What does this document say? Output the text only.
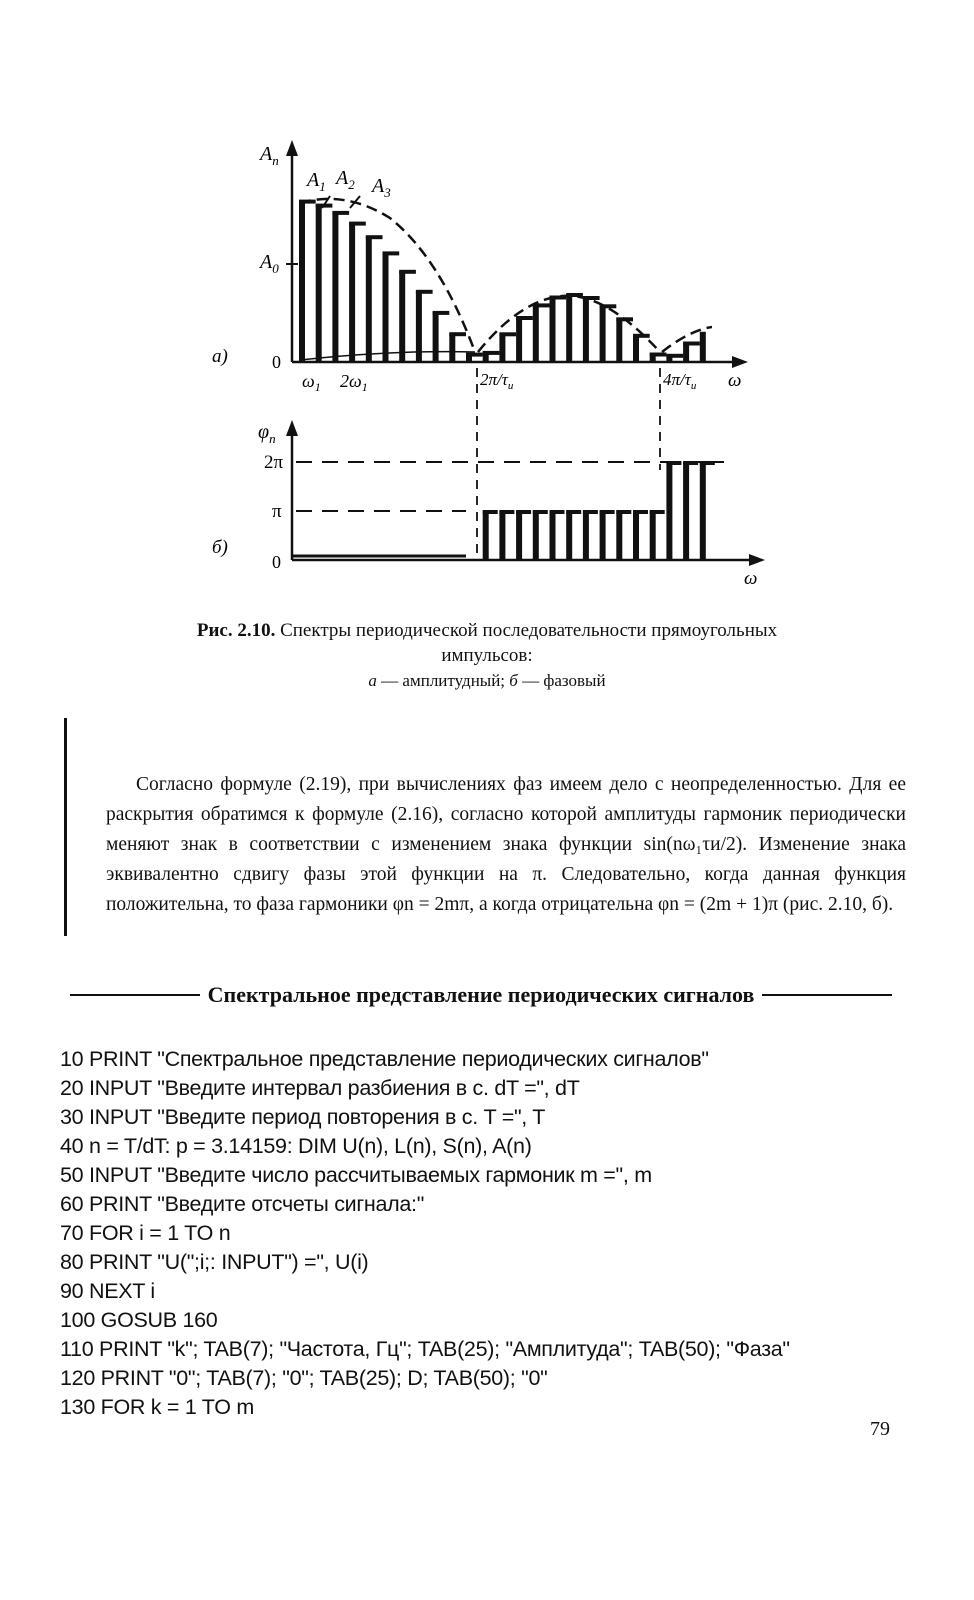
а)
$A_n$
$A_0$
$A_1$ $A_2$ $A_3$
0
$\omega_1$ $2\omega_1$	$2\pi/\tau_и$	$4\pi/\tau_и$ ω
б)
$\varphi_n$
2π
π
0
ω
Рис. 2.10. Спектры периодической последовательности прямоугольных
импульсов:
а — амплитудный; б — фазовый

Согласно формуле (2.19), при вычислениях фаз имеем дело с неопределенностью. Для ее раскрытия обратимся к формуле (2.16), согласно которой амплитуды гармоник периодически меняют знак в соответствии с изменением знака функции sin(nω₁τи/2). Изменение знака эквивалентно сдвигу фазы этой функции на π. Следовательно, когда данная функция положительна, то фаза гармоники φn = 2mπ, а когда отрицательна φn = (2m + 1)π (рис. 2.10, б).

Спектральное представление периодических сигналов
10 PRINT "Спектральное представление периодических сигналов"
20 INPUT "Введите интервал разбиения в с. dT =", dT
30 INPUT "Введите период повторения в с. T =", T
40 n = T/dT: p = 3.14159: DIM U(n), L(n), S(n), A(n)
50 INPUT "Введите число рассчитываемых гармоник m =", m
60 PRINT "Введите отсчеты сигнала:"
70 FOR i = 1 TO n
80 PRINT "U(";i;: INPUT") =", U(i)
90 NEXT i
100 GOSUB 160
110 PRINT "k"; TAB(7); "Частота, Гц"; TAB(25); "Амплитуда"; TAB(50); "Фаза"
120 PRINT "0"; TAB(7); "0"; TAB(25); D; TAB(50); "0"
130 FOR k = 1 TO m
79
